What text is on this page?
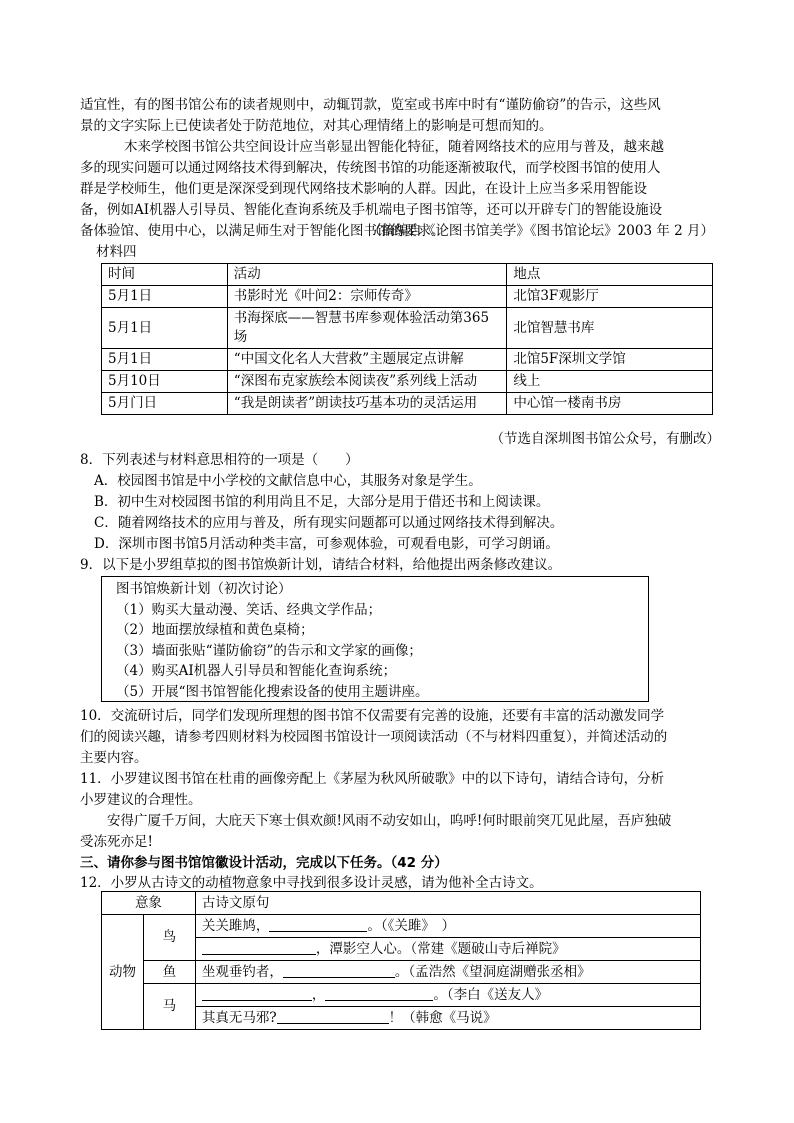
适宜性，有的图书馆公布的读者规则中，动辄罚款，览室或书库中时有“谨防偷窃”的告示，这些风
景的文字实际上已使读者处于防范地位，对其心理情绪上的影响是可想而知的。

木来学校图书馆公共空间设计应当彰显出智能化特征，随着网络技术的应用与普及，越来越
多的现实问题可以通过网络技术得到解决，传统图书馆的功能逐渐被取代，而学校图书馆的使用人
群是学校师生，他们更是深深受到现代网络技术影响的人群。因此，在设计上应当多采用智能设
备，例如AI机器人引导员、智能化查询系统及手机端电子图书馆等，还可以开辟专门的智能设施设
备体验馆、使用中心，以满足师生对于智能化图书馆的要求。

（摘编自《论图书馆美学》《图书馆论坛》2003 年 2 月）

材料四

时间	活动	地点
5月1日	书影时光《叶问2：宗师传奇》	北馆3F观影厅
5月1日	书海探底——智慧书库参观体验活动第365场	北馆智慧书库
5月1日	“中国文化名人大营救”主题展定点讲解	北馆5F深圳文学馆
5月10日	“深图布克家族绘本阅读夜”系列线上活动	线上
5月门日	“我是朗读者”朗读技巧基本功的灵活运用	中心馆一楼南书房

（节选自深圳图书馆公众号，有删改）

8．下列表述与材料意思相符的一项是（　　）
A．校园图书馆是中小学校的文献信息中心，其服务对象是学生。
B．初中生对校园图书馆的利用尚且不足，大部分是用于借还书和上阅读课。
C．随着网络技术的应用与普及，所有现实问题都可以通过网络技术得到解决。
D．深圳市图书馆5月活动种类丰富，可参观体验，可观看电影，可学习朗诵。

9．以下是小罗组草拟的图书馆焕新计划，请结合材料，给他提出两条修改建议。

图书馆焕新计划（初次讨论）
（1）购买大量动漫、笑话、经典文学作品；
（2）地面摆放绿植和黄色桌椅；
（3）墙面张贴“谨防偷窃”的告示和文学家的画像；
（4）购买AI机器人引导员和智能化查询系统；
（5）开展“图书馆智能化搜索设备的使用主题讲座。

10．交流研讨后，同学们发现所理想的图书馆不仅需要有完善的设施，还要有丰富的活动激发同学
们的阅读兴趣，请参考四则材料为校园图书馆设计一项阅读活动（不与材料四重复），并简述活动的
主要内容。

11．小罗建议图书馆在杜甫的画像旁配上《茅屋为秋风所破歌》中的以下诗句，请结合诗句，分析
小罗建议的合理性。

安得广厦千万间，大庇天下寒士俱欢颜!风雨不动安如山，呜呼!何时眼前突兀见此屋，吾庐独破
受冻死亦足!

三、请你参与图书馆馆徽设计活动，完成以下任务。（42 分）

12．小罗从古诗文的动植物意象中寻找到很多设计灵感，请为他补全古诗文。

意象		古诗文原句
动物	鸟	关关雎鸠， 。（《关雎》　）
		，潭影空人心。（常建《题破山寺后禅院》
	鱼	坐观垂钓者， 。（孟浩然《望洞庭湖赠张丞相》
	马	， 。（李白《送友人》
		其真无马邪? ！（韩愈《马说》
